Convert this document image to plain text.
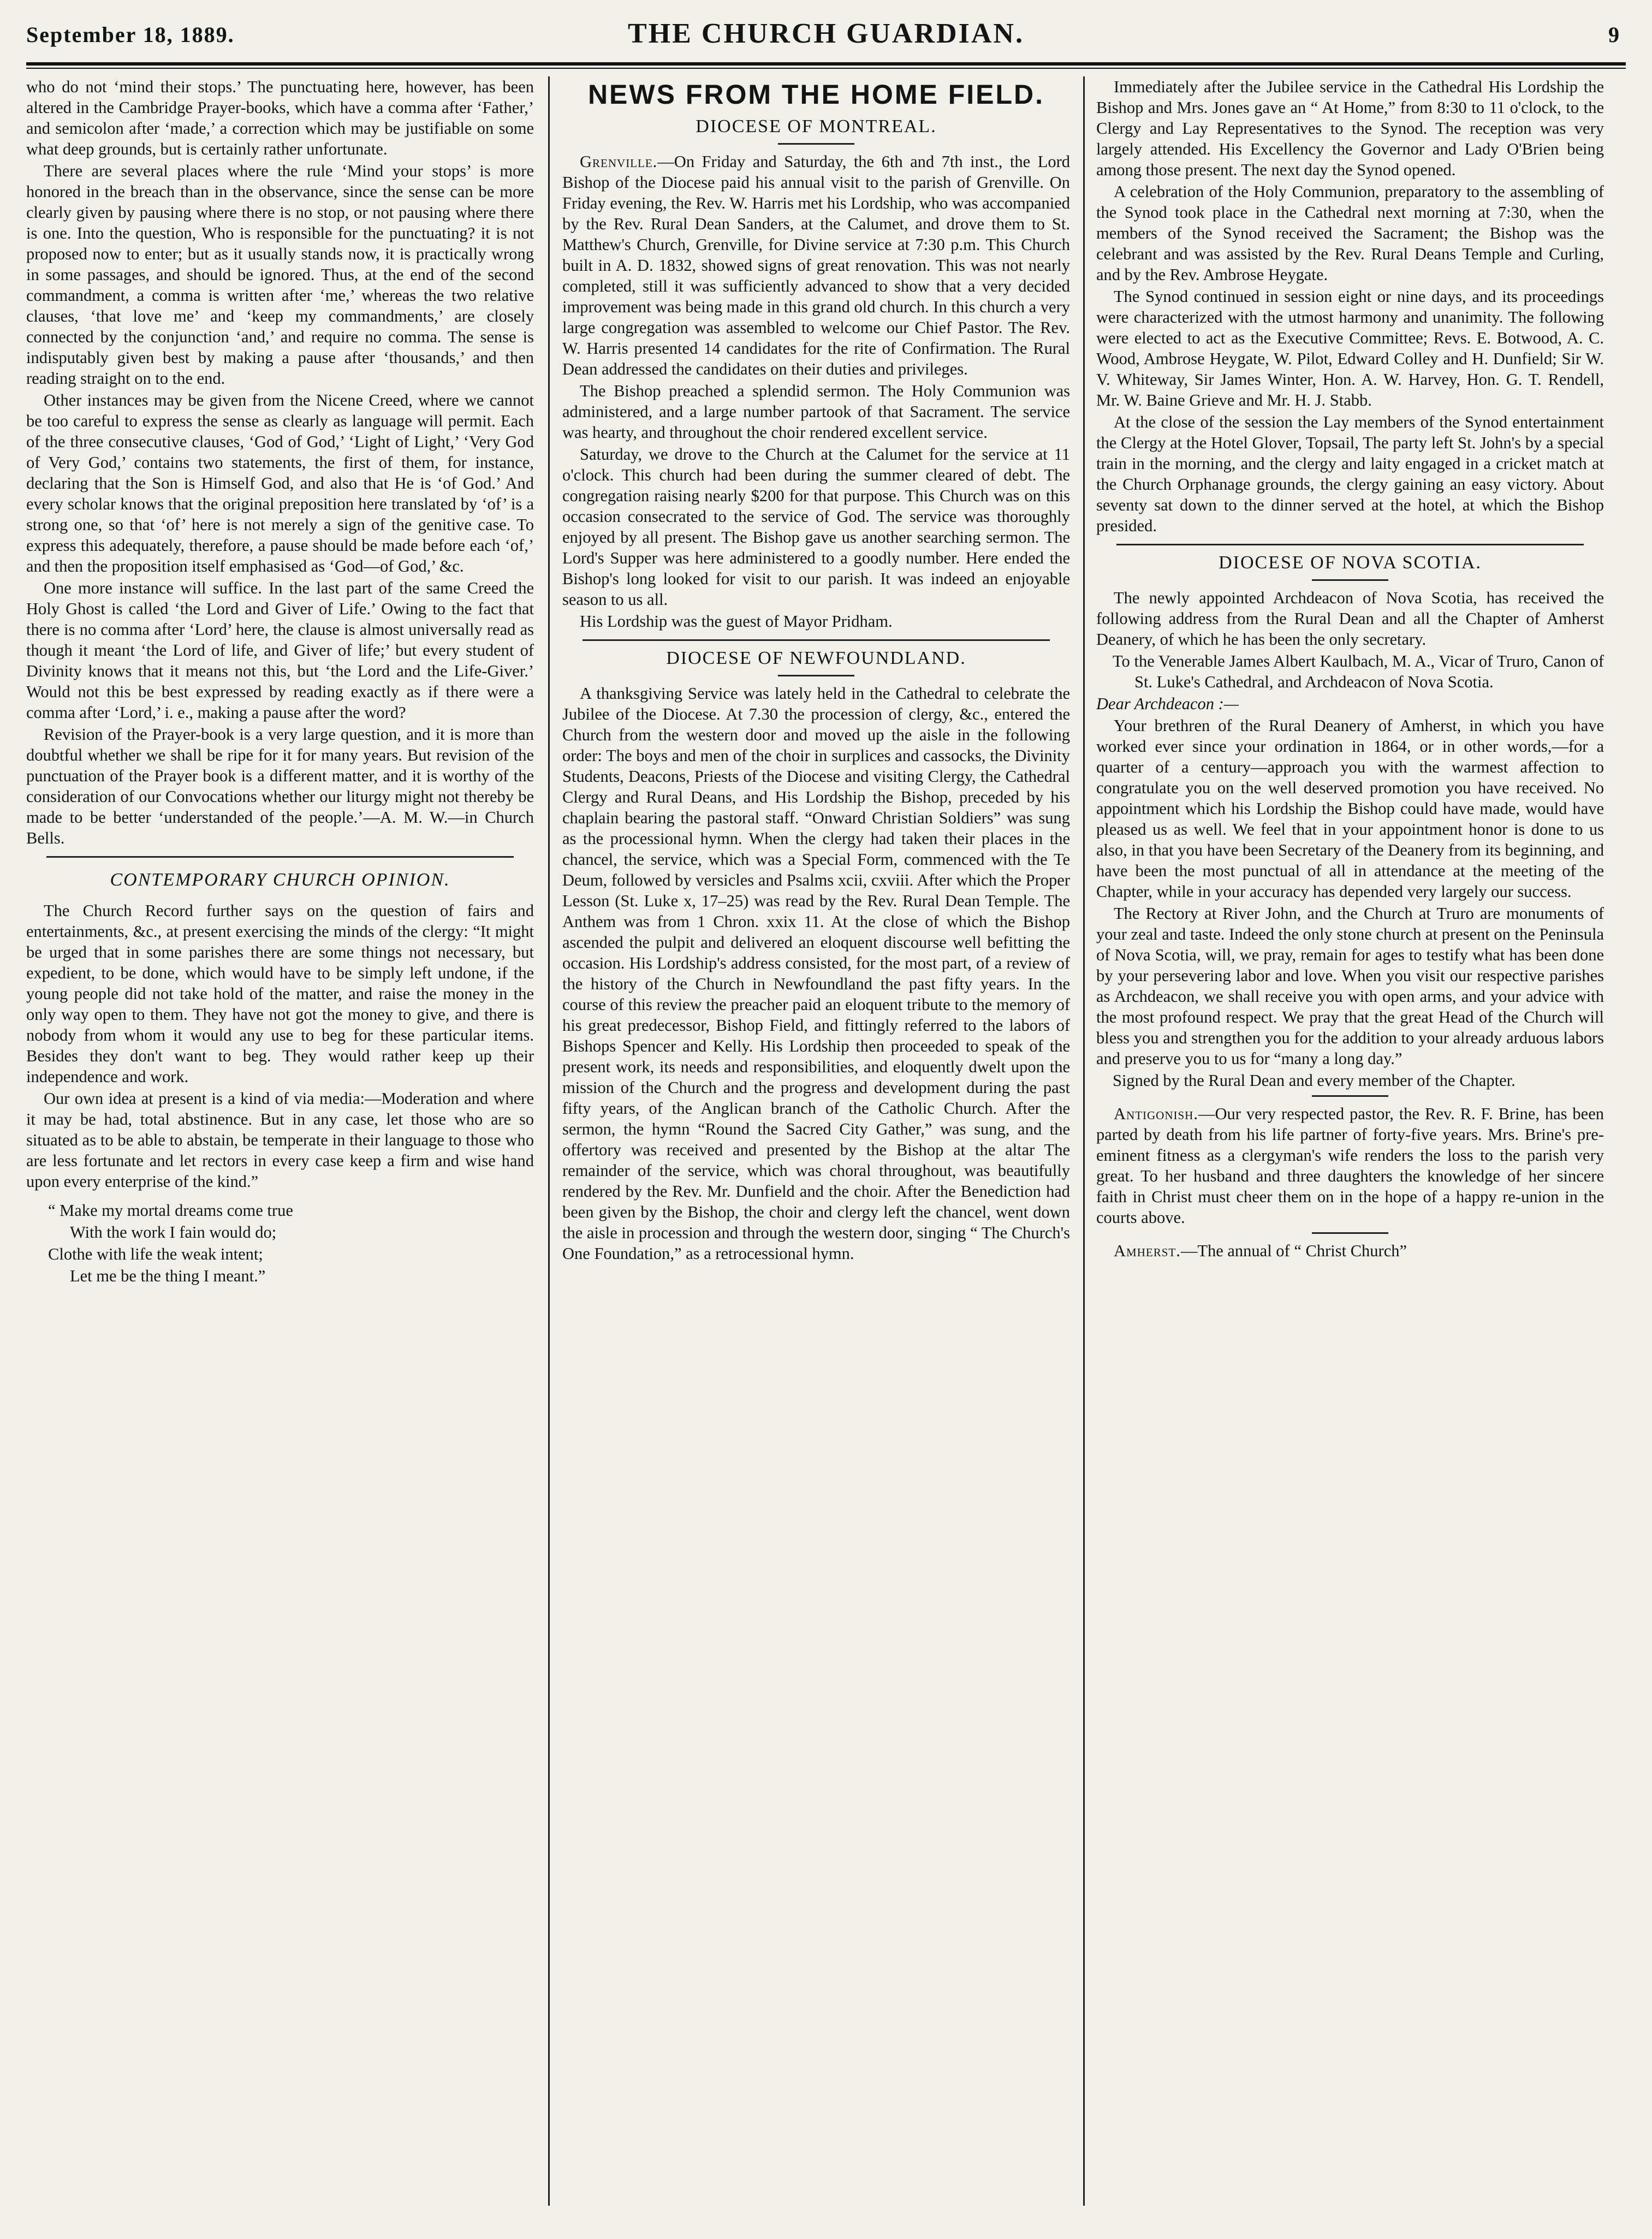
September 18, 1889.	THE CHURCH GUARDIAN.	9

who do not ‘mind their stops.’ The punctuating here, however, has been altered in the Cambridge Prayer-books, which have a comma after ‘Father,’ and semicolon after ‘made,’ a correction which may be justifiable on some what deep grounds, but is certainly rather unfortunate.

There are several places where the rule ‘Mind your stops’ is more honored in the breach than in the observance, since the sense can be more clearly given by pausing where there is no stop, or not pausing where there is one. Into the question, Who is responsible for the punctuating? it is not proposed now to enter; but as it usually stands now, it is practically wrong in some passages, and should be ignored. Thus, at the end of the second commandment, a comma is written after ‘me,’ whereas the two relative clauses, ‘that love me’ and ‘keep my commandments,’ are closely connected by the conjunction ‘and,’ and require no comma. The sense is indisputably given best by making a pause after ‘thousands,’ and then reading straight on to the end.

Other instances may be given from the Nicene Creed, where we cannot be too careful to express the sense as clearly as language will permit. Each of the three consecutive clauses, ‘God of God,’ ‘Light of Light,’ ‘Very God of Very God,’ contains two statements, the first of them, for instance, declaring that the Son is Himself God, and also that He is ‘of God.’ And every scholar knows that the original preposition here translated by ‘of’ is a strong one, so that ‘of’ here is not merely a sign of the genitive case. To express this adequately, therefore, a pause should be made before each ‘of,’ and then the proposition itself emphasised as ‘God—of God,’ &c.

One more instance will suffice. In the last part of the same Creed the Holy Ghost is called ‘the Lord and Giver of Life.’ Owing to the fact that there is no comma after ‘Lord’ here, the clause is almost universally read as though it meant ‘the Lord of life, and Giver of life;’ but every student of Divinity knows that it means not this, but ‘the Lord and the Life-Giver.’ Would not this be best expressed by reading exactly as if there were a comma after ‘Lord,’ i. e., making a pause after the word?

Revision of the Prayer-book is a very large question, and it is more than doubtful whether we shall be ripe for it for many years. But revision of the punctuation of the Prayer book is a different matter, and it is worthy of the consideration of our Convocations whether our liturgy might not thereby be made to be better ‘understanded of the people.’—A. M. W.—in Church Bells.

CONTEMPORARY CHURCH OPINION.

The Church Record further says on the question of fairs and entertainments, &c., at present exercising the minds of the clergy: “It might be urged that in some parishes there are some things not necessary, but expedient, to be done, which would have to be simply left undone, if the young people did not take hold of the matter, and raise the money in the only way open to them. They have not got the money to give, and there is nobody from whom it would any use to beg for these particular items. Besides they don't want to beg. They would rather keep up their independence and work.

Our own idea at present is a kind of via media:—Moderation and where it may be had, total abstinence. But in any case, let those who are so situated as to be able to abstain, be temperate in their language to those who are less fortunate and let rectors in every case keep a firm and wise hand upon every enterprise of the kind.”

“ Make my mortal dreams come true
With the work I fain would do;
Clothe with life the weak intent;
Let me be the thing I meant.”
NEWS FROM THE HOME FIELD.
DIOCESE OF MONTREAL.

Grenville.—On Friday and Saturday, the 6th and 7th inst., the Lord Bishop of the Diocese paid his annual visit to the parish of Grenville. On Friday evening, the Rev. W. Harris met his Lordship, who was accompanied by the Rev. Rural Dean Sanders, at the Calumet, and drove them to St. Matthew's Church, Grenville, for Divine service at 7:30 p.m. This Church built in A. D. 1832, showed signs of great renovation. This was not nearly completed, still it was sufficiently advanced to show that a very decided improvement was being made in this grand old church. In this church a very large congregation was assembled to welcome our Chief Pastor. The Rev. W. Harris presented 14 candidates for the rite of Confirmation. The Rural Dean addressed the candidates on their duties and privileges.

The Bishop preached a splendid sermon. The Holy Communion was administered, and a large number partook of that Sacrament. The service was hearty, and throughout the choir rendered excellent service.

Saturday, we drove to the Church at the Calumet for the service at 11 o'clock. This church had been during the summer cleared of debt. The congregation raising nearly $200 for that purpose. This Church was on this occasion consecrated to the service of God. The service was thoroughly enjoyed by all present. The Bishop gave us another searching sermon. The Lord's Supper was here administered to a goodly number. Here ended the Bishop's long looked for visit to our parish. It was indeed an enjoyable season to us all.

His Lordship was the guest of Mayor Pridham.

DIOCESE OF NEWFOUNDLAND.

A thanksgiving Service was lately held in the Cathedral to celebrate the Jubilee of the Diocese. At 7.30 the procession of clergy, &c., entered the Church from the western door and moved up the aisle in the following order: The boys and men of the choir in surplices and cassocks, the Divinity Students, Deacons, Priests of the Diocese and visiting Clergy, the Cathedral Clergy and Rural Deans, and His Lordship the Bishop, preceded by his chaplain bearing the pastoral staff. “Onward Christian Soldiers” was sung as the processional hymn. When the clergy had taken their places in the chancel, the service, which was a Special Form, commenced with the Te Deum, followed by versicles and Psalms xcii, cxviii. After which the Proper Lesson (St. Luke x, 17–25) was read by the Rev. Rural Dean Temple. The Anthem was from 1 Chron. xxix 11. At the close of which the Bishop ascended the pulpit and delivered an eloquent discourse well befitting the occasion. His Lordship's address consisted, for the most part, of a review of the history of the Church in Newfoundland the past fifty years. In the course of this review the preacher paid an eloquent tribute to the memory of his great predecessor, Bishop Field, and fittingly referred to the labors of Bishops Spencer and Kelly. His Lordship then proceeded to speak of the present work, its needs and responsibilities, and eloquently dwelt upon the mission of the Church and the progress and development during the past fifty years, of the Anglican branch of the Catholic Church. After the sermon, the hymn “Round the Sacred City Gather,” was sung, and the offertory was received and presented by the Bishop at the altar The remainder of the service, which was choral throughout, was beautifully rendered by the Rev. Mr. Dunfield and the choir. After the Benediction had been given by the Bishop, the choir and clergy left the chancel, went down the aisle in procession and through the western door, singing “ The Church's One Foundation,” as a retrocessional hymn.

Immediately after the Jubilee service in the Cathedral His Lordship the Bishop and Mrs. Jones gave an “ At Home,” from 8:30 to 11 o'clock, to the Clergy and Lay Representatives to the Synod. The reception was very largely attended. His Excellency the Governor and Lady O'Brien being among those present. The next day the Synod opened.

A celebration of the Holy Communion, preparatory to the assembling of the Synod took place in the Cathedral next morning at 7:30, when the members of the Synod received the Sacrament; the Bishop was the celebrant and was assisted by the Rev. Rural Deans Temple and Curling, and by the Rev. Ambrose Heygate.

The Synod continued in session eight or nine days, and its proceedings were characterized with the utmost harmony and unanimity. The following were elected to act as the Executive Committee; Revs. E. Botwood, A. C. Wood, Ambrose Heygate, W. Pilot, Edward Colley and H. Dunfield; Sir W. V. Whiteway, Sir James Winter, Hon. A. W. Harvey, Hon. G. T. Rendell, Mr. W. Baine Grieve and Mr. H. J. Stabb.

At the close of the session the Lay members of the Synod entertainment the Clergy at the Hotel Glover, Topsail, The party left St. John's by a special train in the morning, and the clergy and laity engaged in a cricket match at the Church Orphanage grounds, the clergy gaining an easy victory. About seventy sat down to the dinner served at the hotel, at which the Bishop presided.

DIOCESE OF NOVA SCOTIA.

The newly appointed Archdeacon of Nova Scotia, has received the following address from the Rural Dean and all the Chapter of Amherst Deanery, of which he has been the only secretary.

To the Venerable James Albert Kaulbach, M. A., Vicar of Truro, Canon of St. Luke's Cathedral, and Archdeacon of Nova Scotia.

Dear Archdeacon :—

Your brethren of the Rural Deanery of Amherst, in which you have worked ever since your ordination in 1864, or in other words,—for a quarter of a century—approach you with the warmest affection to congratulate you on the well deserved promotion you have received. No appointment which his Lordship the Bishop could have made, would have pleased us as well. We feel that in your appointment honor is done to us also, in that you have been Secretary of the Deanery from its beginning, and have been the most punctual of all in attendance at the meeting of the Chapter, while in your accuracy has depended very largely our success.

The Rectory at River John, and the Church at Truro are monuments of your zeal and taste. Indeed the only stone church at present on the Peninsula of Nova Scotia, will, we pray, remain for ages to testify what has been done by your persevering labor and love. When you visit our respective parishes as Archdeacon, we shall receive you with open arms, and your advice with the most profound respect. We pray that the great Head of the Church will bless you and strengthen you for the addition to your already arduous labors and preserve you to us for “many a long day.”

Signed by the Rural Dean and every member of the Chapter.

Antigonish.—Our very respected pastor, the Rev. R. F. Brine, has been parted by death from his life partner of forty-five years. Mrs. Brine's pre-eminent fitness as a clergyman's wife renders the loss to the parish very great. To her husband and three daughters the knowledge of her sincere faith in Christ must cheer them on in the hope of a happy re-union in the courts above.

Amherst.—The annual of “ Christ Church”
